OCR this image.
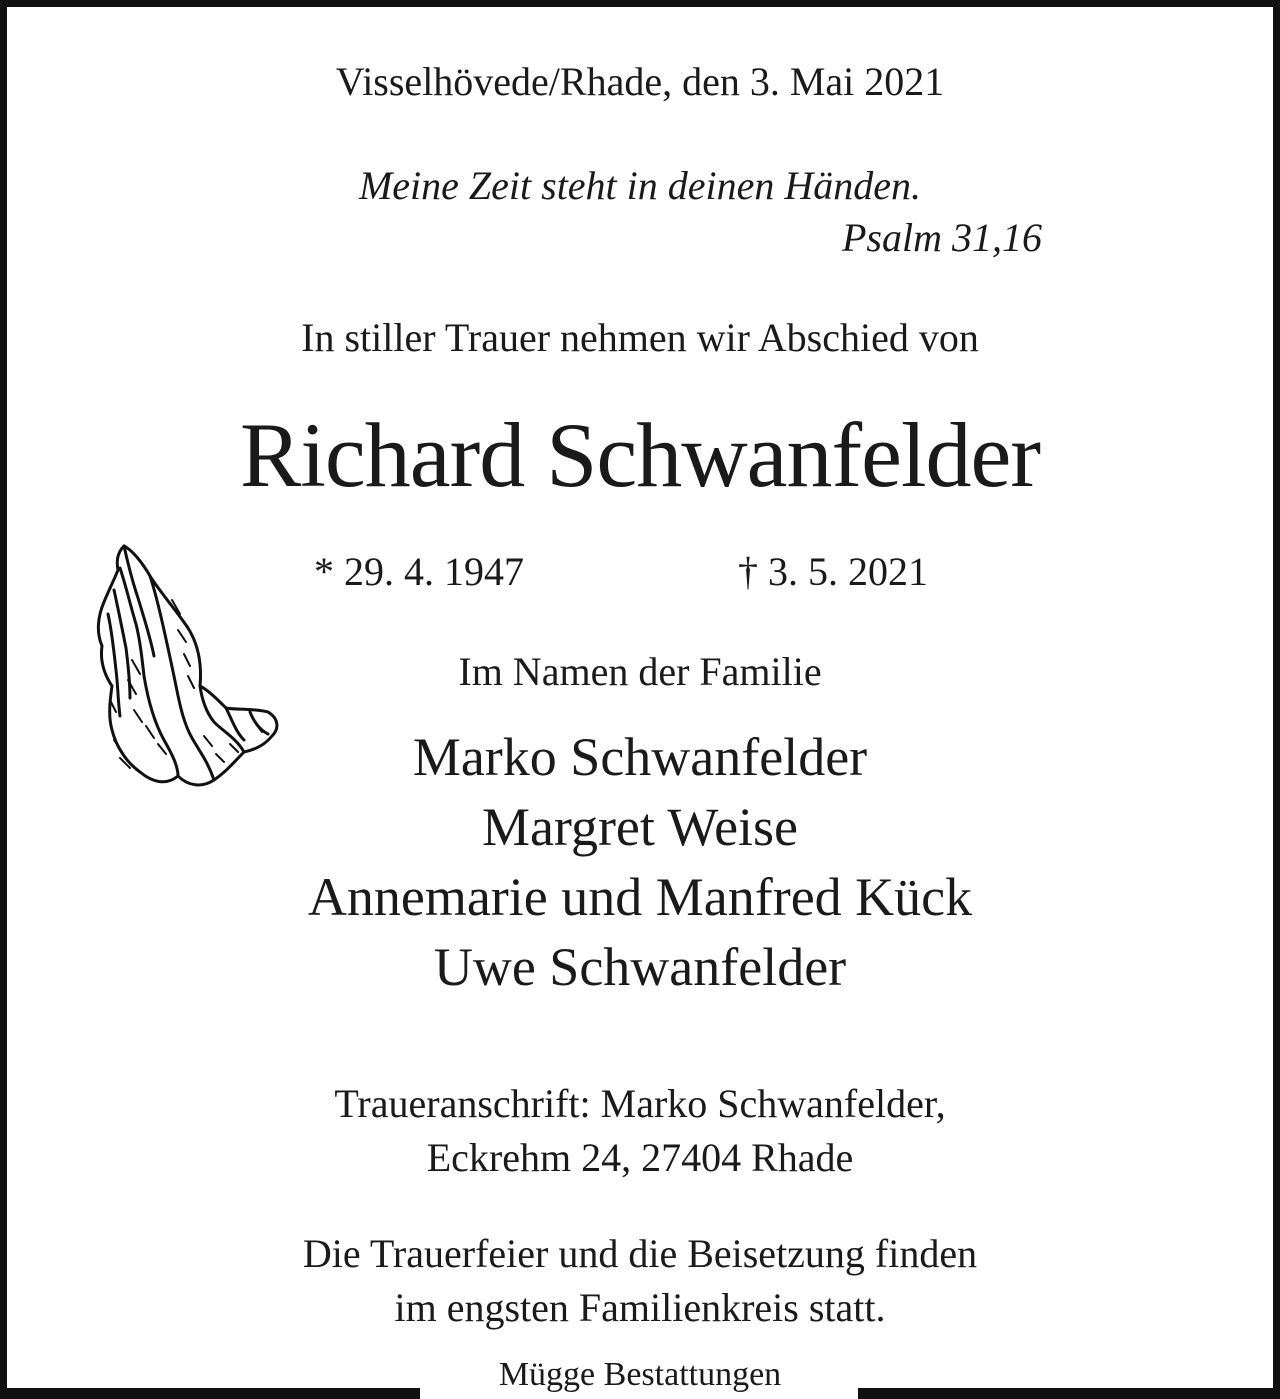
Visselhövede/Rhade, den 3. Mai 2021
Meine Zeit steht in deinen Händen.
Psalm 31,16
In stiller Trauer nehmen wir Abschied von
Richard Schwanfelder
* 29. 4. 1947	† 3. 5. 2021
Im Namen der Familie
Marko Schwanfelder
Margret Weise
Annemarie und Manfred Kück
Uwe Schwanfelder
Traueranschrift: Marko Schwanfelder,
Eckrehm 24, 27404 Rhade
Die Trauerfeier und die Beisetzung finden
im engsten Familienkreis statt.
Mügge Bestattungen
